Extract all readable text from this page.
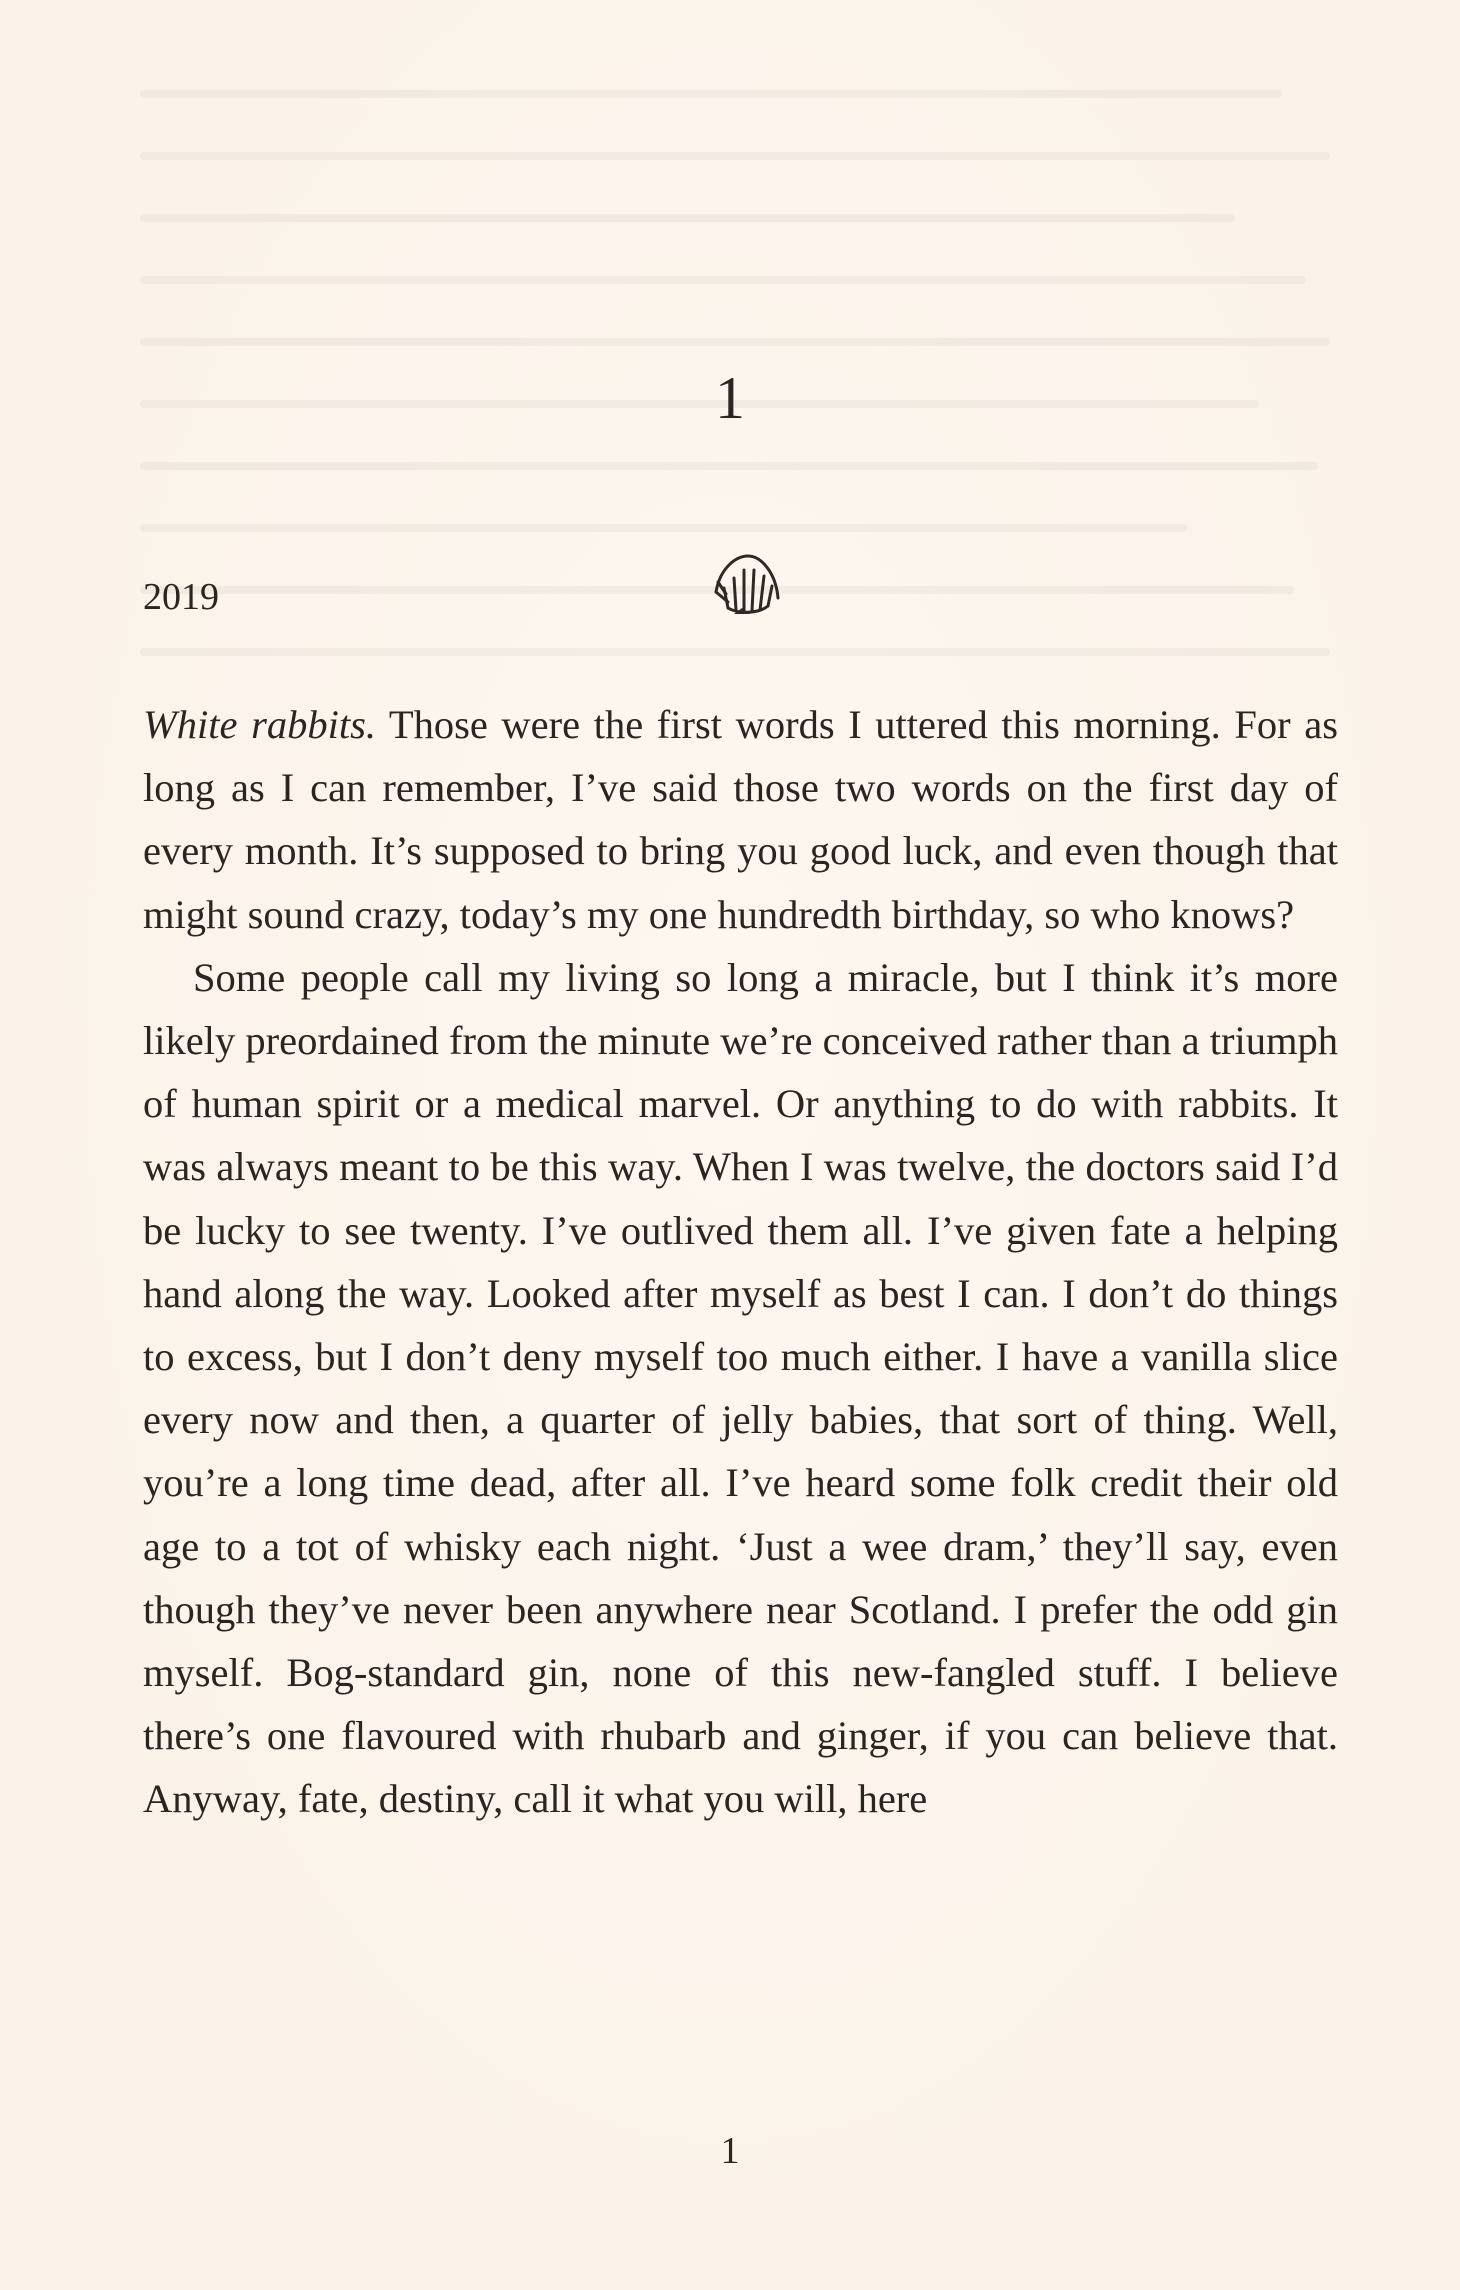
1
2019

White rabbits. Those were the first words I uttered this morning. For as long as I can remember, I’ve said those two words on the first day of every month. It’s supposed to bring you good luck, and even though that might sound crazy, today’s my one hundredth birthday, so who knows?

Some people call my living so long a miracle, but I think it’s more likely preordained from the minute we’re conceived rather than a triumph of human spirit or a medical marvel. Or anything to do with rabbits. It was always meant to be this way. When I was twelve, the doctors said I’d be lucky to see twenty. I’ve outlived them all. I’ve given fate a helping hand along the way. Looked after myself as best I can. I don’t do things to excess, but I don’t deny myself too much either. I have a vanilla slice every now and then, a quarter of jelly babies, that sort of thing. Well, you’re a long time dead, after all. I’ve heard some folk credit their old age to a tot of whisky each night. ‘Just a wee dram,’ they’ll say, even though they’ve never been anywhere near Scotland. I prefer the odd gin myself. Bog-standard gin, none of this new-fangled stuff. I believe there’s one flavoured with rhubarb and ginger, if you can believe that. Anyway, fate, destiny, call it what you will, here

1
